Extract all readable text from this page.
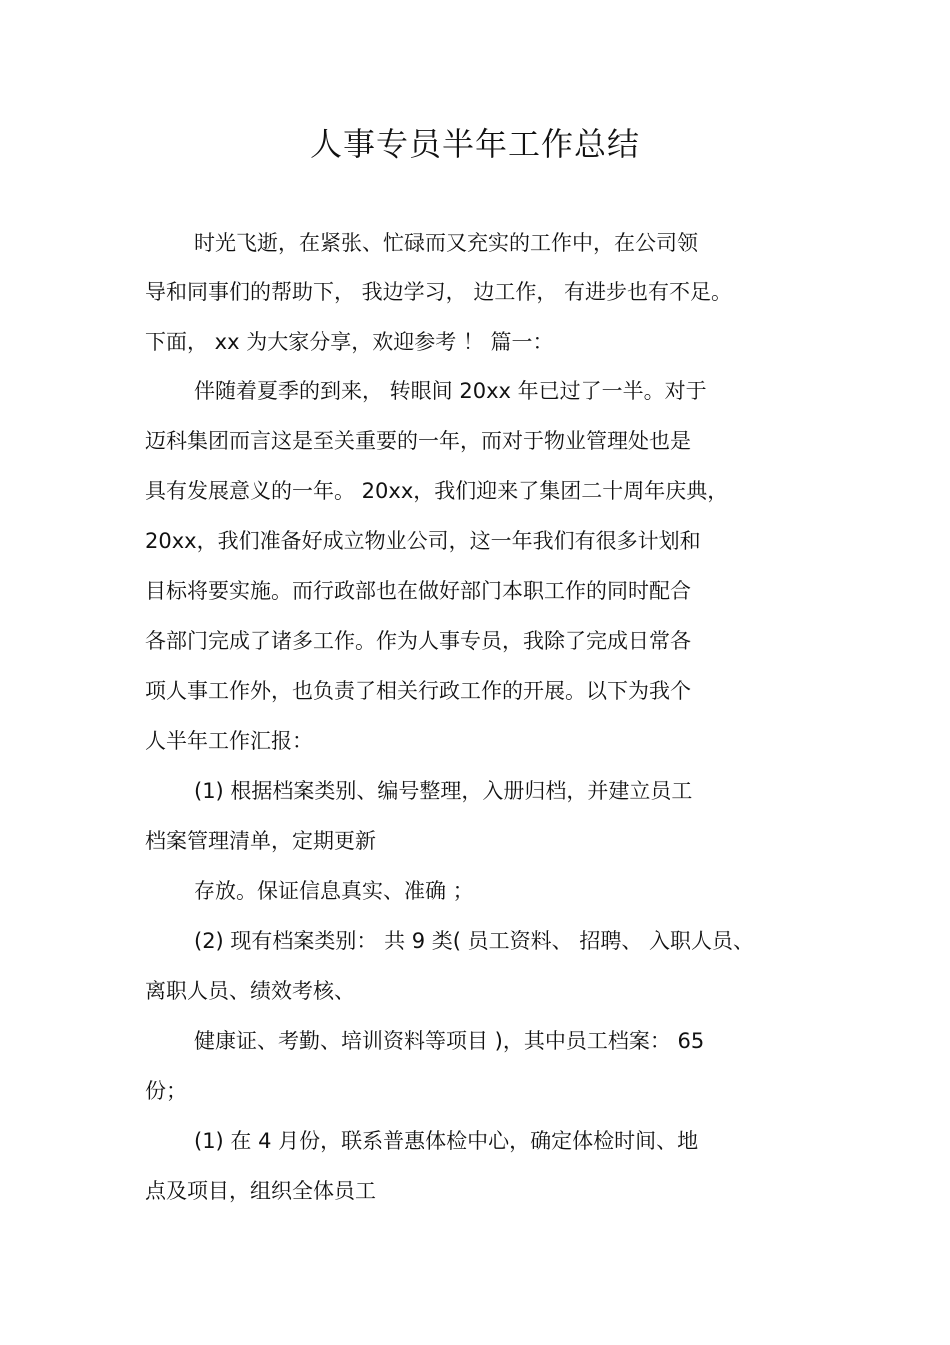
人事专员半年工作总结
时光飞逝，在紧张、忙碌而又充实的工作中，在公司领
导和同事们的帮助下， 我边学习， 边工作， 有进步也有不足。
下面， xx 为大家分享，欢迎参考 ！ 篇一：
伴随着夏季的到来， 转眼间 20xx 年已过了一半。对于
迈科集团而言这是至关重要的一年，而对于物业管理处也是
具有发展意义的一年。 20xx，我们迎来了集团二十周年庆典，
20xx，我们准备好成立物业公司，这一年我们有很多计划和
目标将要实施。而行政部也在做好部门本职工作的同时配合
各部门完成了诸多工作。作为人事专员，我除了完成日常各
项人事工作外，也负责了相关行政工作的开展。以下为我个
人半年工作汇报：
(1) 根据档案类别、编号整理，入册归档，并建立员工
档案管理清单，定期更新
存放。保证信息真实、准确 ；
(2) 现有档案类别： 共 9 类( 员工资料、 招聘、 入职人员、
离职人员、绩效考核、
健康证、考勤、培训资料等项目 )，其中员工档案： 65
份；
(1) 在 4 月份，联系普惠体检中心，确定体检时间、地
点及项目，组织全体员工
